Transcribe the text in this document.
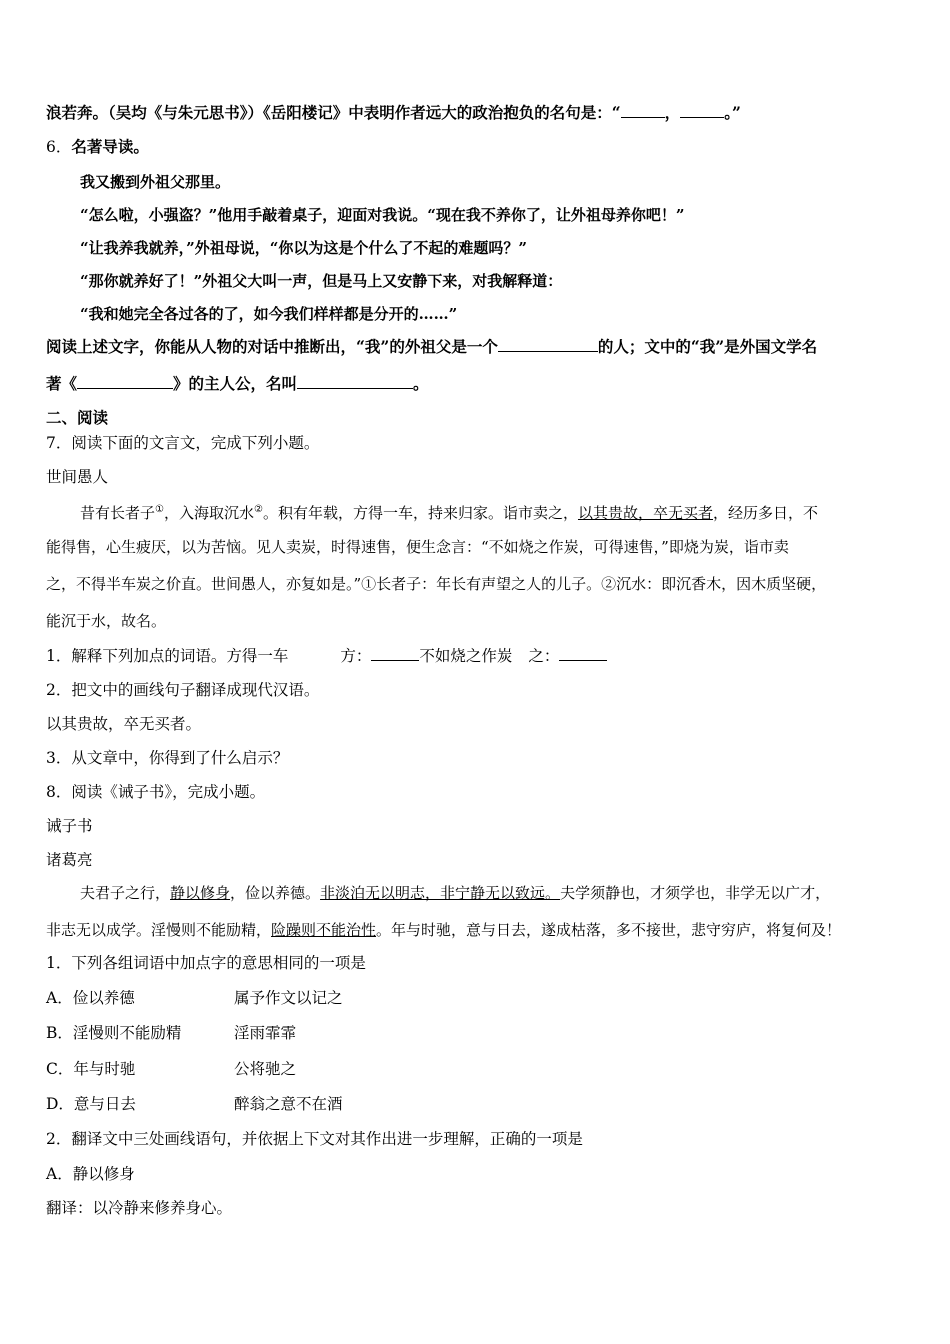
浪若奔。（吴均《与朱元思书》）《岳阳楼记》中表明作者远大的政治抱负的名句是：“	，	。”
6．名著导读。
我又搬到外祖父那里。
“怎么啦，小强盗？”他用手敲着桌子，迎面对我说。“现在我不养你了，让外祖母养你吧！”
“让我养我就养，”外祖母说，“你以为这是个什么了不起的难题吗？”
“那你就养好了！”外祖父大叫一声，但是马上又安静下来，对我解释道：
“我和她完全各过各的了，如今我们样样都是分开的……”
阅读上述文字，你能从人物的对话中推断出，“我”的外祖父是一个	的人；文中的“我”是外国文学名
著《	》的主人公，名叫	。
二、阅读
7．阅读下面的文言文，完成下列小题。
世间愚人
昔有长者子①，入海取沉水②。积有年载，方得一车，持来归家。诣市卖之，以其贵故，卒无买者，经历多日，不
能得售，心生疲厌，以为苦恼。见人卖炭，时得速售，便生念言：“不如烧之作炭，可得速售，”即烧为炭，诣市卖
之，不得半车炭之价直。世间愚人，亦复如是。”①长者子：年长有声望之人的儿子。②沉水：即沉香木，因木质坚硬，
能沉于水，故名。
1．解释下列加点的词语。方得一车	方：	不如烧之作炭 之：
2．把文中的画线句子翻译成现代汉语。
以其贵故，卒无买者。
3．从文章中，你得到了什么启示？
8．阅读《诫子书》，完成小题。
诫子书
诸葛亮
夫君子之行，静以修身，俭以养德。非淡泊无以明志，非宁静无以致远。夫学须静也，才须学也，非学无以广才，
非志无以成学。淫慢则不能励精，险躁则不能治性。年与时驰，意与日去，遂成枯落，多不接世，悲守穷庐，将复何及！
1．下列各组词语中加点字的意思相同的一项是
A．俭以养德	属予作文以记之
B．淫慢则不能励精	淫雨霏霏
C．年与时驰	公将驰之
D．意与日去	醉翁之意不在酒
2．翻译文中三处画线语句，并依据上下文对其作出进一步理解，正确的一项是
A．静以修身
翻译：以冷静来修养身心。
